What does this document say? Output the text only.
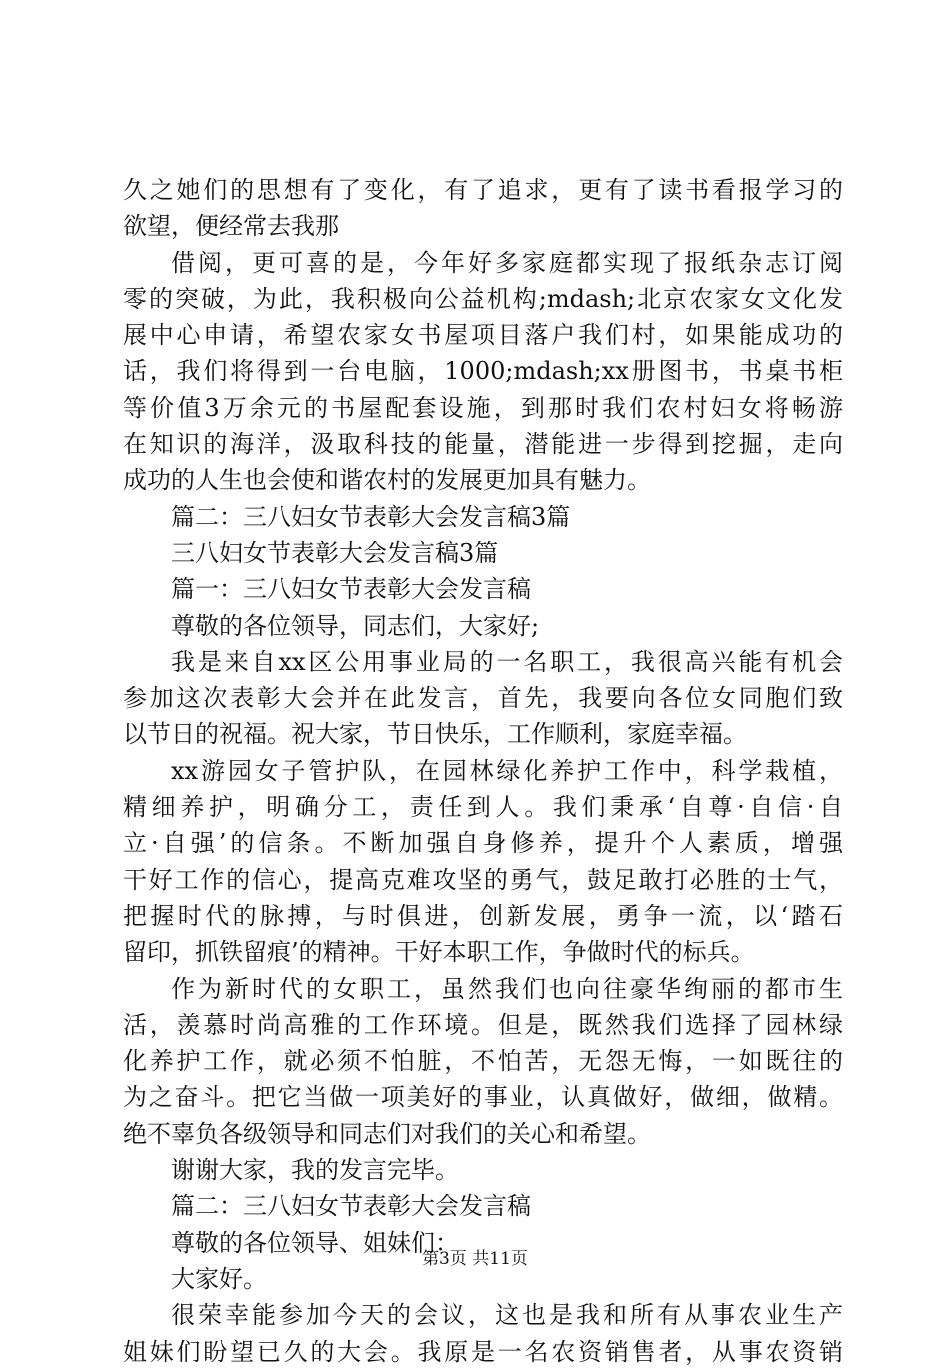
久之她们的思想有了变化，有了追求，更有了读书看报学习的
欲望，便经常去我那
借阅，更可喜的是，今年好多家庭都实现了报纸杂志订阅
零的突破，为此，我积极向公益机构;mdash;北京农家女文化发
展中心申请，希望农家女书屋项目落户我们村，如果能成功的
话，我们将得到一台电脑，1000;mdash;xx册图书，书桌书柜
等价值3万余元的书屋配套设施，到那时我们农村妇女将畅游
在知识的海洋，汲取科技的能量，潜能进一步得到挖掘，走向
成功的人生也会使和谐农村的发展更加具有魅力。
篇二：三八妇女节表彰大会发言稿3篇
三八妇女节表彰大会发言稿3篇
篇一：三八妇女节表彰大会发言稿
尊敬的各位领导，同志们，大家好;
我是来自xx区公用事业局的一名职工，我很高兴能有机会
参加这次表彰大会并在此发言，首先，我要向各位女同胞们致
以节日的祝福。祝大家，节日快乐，工作顺利，家庭幸福。
xx游园女子管护队，在园林绿化养护工作中，科学栽植，
精细养护，明确分工，责任到人。我们秉承‘自尊·自信·自
立·自强’的信条。不断加强自身修养，提升个人素质，增强
干好工作的信心，提高克难攻坚的勇气，鼓足敢打必胜的士气，
把握时代的脉搏，与时俱进，创新发展，勇争一流，以‘踏石
留印，抓铁留痕’的精神。干好本职工作，争做时代的标兵。
作为新时代的女职工，虽然我们也向往豪华绚丽的都市生
活，羡慕时尚高雅的工作环境。但是，既然我们选择了园林绿
化养护工作，就必须不怕脏，不怕苦，无怨无悔，一如既往的
为之奋斗。把它当做一项美好的事业，认真做好，做细，做精。
绝不辜负各级领导和同志们对我们的关心和希望。
谢谢大家，我的发言完毕。
篇二：三八妇女节表彰大会发言稿
尊敬的各位领导、姐妹们：
大家好。
很荣幸能参加今天的会议，这也是我和所有从事农业生产
姐妹们盼望已久的大会。我原是一名农资销售者，从事农资销
第3页 共11页
